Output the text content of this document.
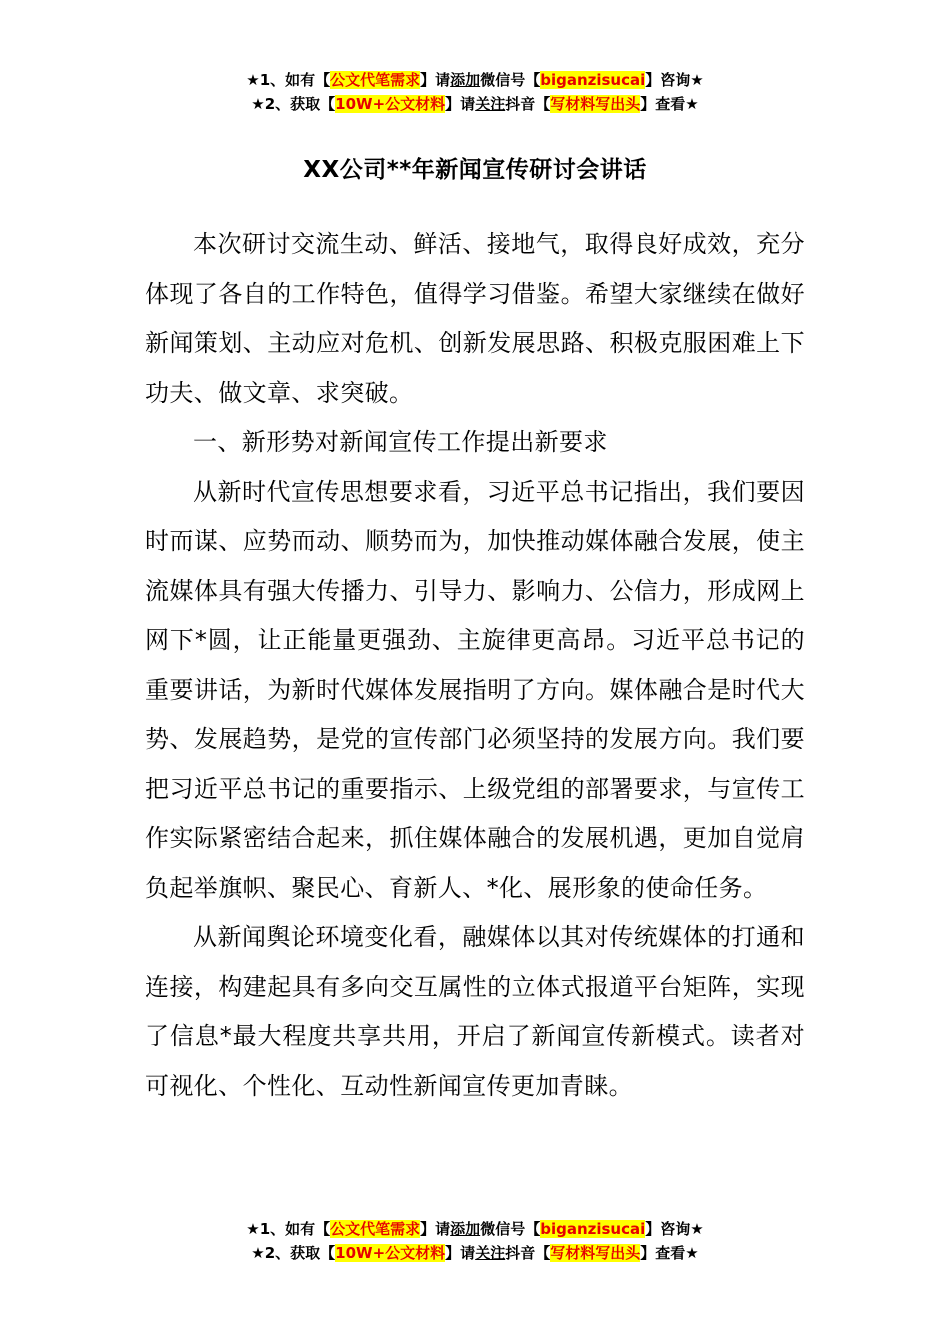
★1、如有【公文代笔需求】请添加微信号【biganzisucai】咨询★
★2、获取【10W+公文材料】请关注抖音【写材料写出头】查看★
XX公司**年新闻宣传研讨会讲话

本次研讨交流生动、鲜活、接地气，取得良好成效，充分体现了各自的工作特色，值得学习借鉴。希望大家继续在做好新闻策划、主动应对危机、创新发展思路、积极克服困难上下功夫、做文章、求突破。

一、新形势对新闻宣传工作提出新要求

从新时代宣传思想要求看，习近平总书记指出，我们要因时而谋、应势而动、顺势而为，加快推动媒体融合发展，使主流媒体具有强大传播力、引导力、影响力、公信力，形成网上网下*圆，让正能量更强劲、主旋律更高昂。习近平总书记的重要讲话，为新时代媒体发展指明了方向。媒体融合是时代大势、发展趋势，是党的宣传部门必须坚持的发展方向。我们要把习近平总书记的重要指示、上级党组的部署要求，与宣传工作实际紧密结合起来，抓住媒体融合的发展机遇，更加自觉肩负起举旗帜、聚民心、育新人、*化、展形象的使命任务。

从新闻舆论环境变化看，融媒体以其对传统媒体的打通和连接，构建起具有多向交互属性的立体式报道平台矩阵，实现了信息*最大程度共享共用，开启了新闻宣传新模式。读者对可视化、个性化、互动性新闻宣传更加青睐。

★1、如有【公文代笔需求】请添加微信号【biganzisucai】咨询★
★2、获取【10W+公文材料】请关注抖音【写材料写出头】查看★
